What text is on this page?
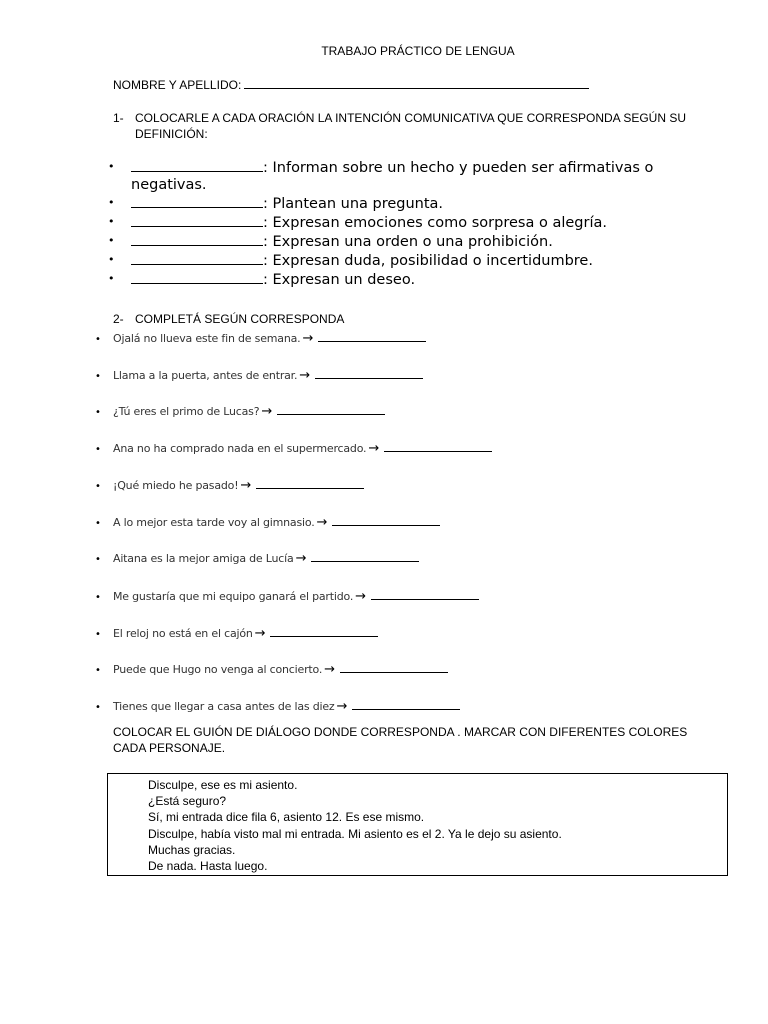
TRABAJO PRÁCTICO DE LENGUA
NOMBRE Y APELLIDO:
1- COLOCARLE A CADA ORACIÓN LA INTENCIÓN COMUNICATIVA QUE CORRESPONDA SEGÚN SU
DEFINICIÓN:
• : Informan sobre un hecho y pueden ser afirmativas o negativas.
• : Plantean una pregunta.
• : Expresan emociones como sorpresa o alegría.
• : Expresan una orden o una prohibición.
• : Expresan duda, posibilidad o incertidumbre.
• : Expresan un deseo.
2- COMPLETÁ SEGÚN CORRESPONDA
• Ojalá no llueva este fin de semana. →
• Llama a la puerta, antes de entrar. →
• ¿Tú eres el primo de Lucas? →
• Ana no ha comprado nada en el supermercado. →
• ¡Qué miedo he pasado! →
• A lo mejor esta tarde voy al gimnasio. →
• Aitana es la mejor amiga de Lucía →
• Me gustaría que mi equipo ganará el partido. →
• El reloj no está en el cajón →
• Puede que Hugo no venga al concierto. →
• Tienes que llegar a casa antes de las diez →
COLOCAR EL GUIÓN DE DIÁLOGO DONDE CORRESPONDA . MARCAR CON DIFERENTES COLORES CADA PERSONAJE.
Disculpe, ese es mi asiento.
¿Está seguro?
Sí, mi entrada dice fila 6, asiento 12. Es ese mismo.
Disculpe, había visto mal mi entrada. Mi asiento es el 2. Ya le dejo su asiento.
Muchas gracias.
De nada. Hasta luego.
